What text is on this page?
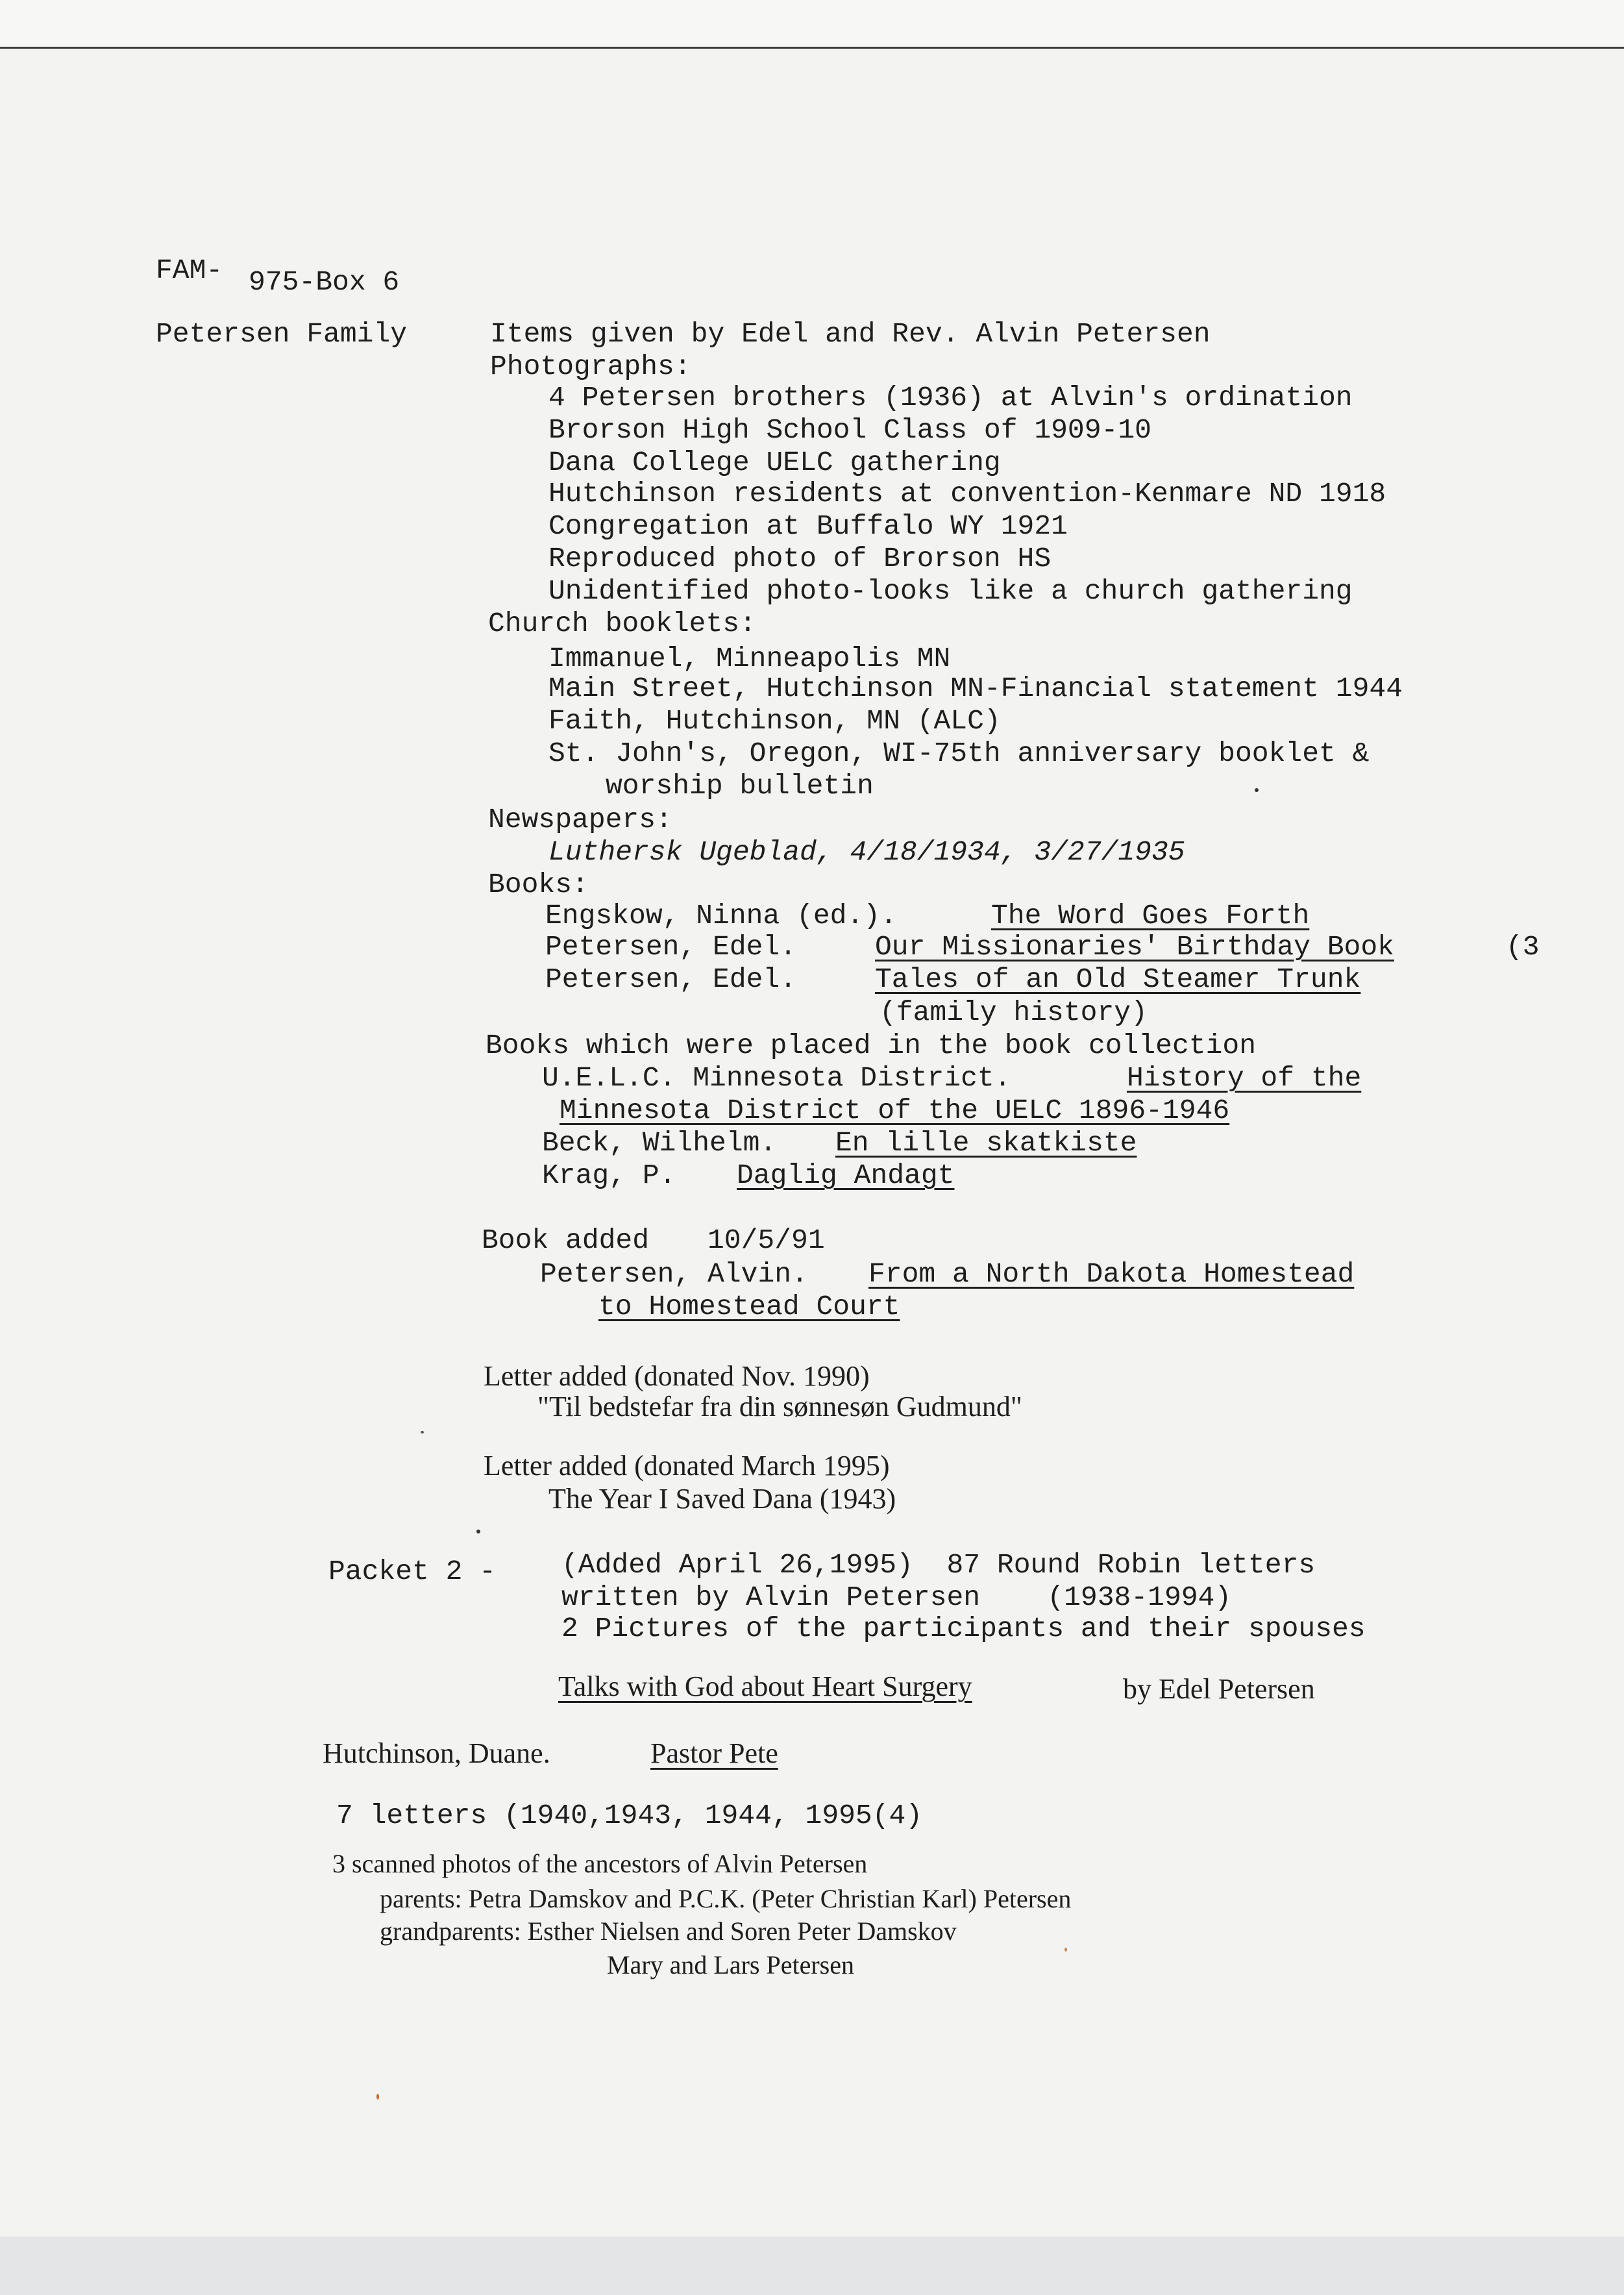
FAM- 975-Box 6
Petersen Family	Items given by Edel and Rev. Alvin Petersen
Photographs:
4 Petersen brothers (1936) at Alvin's ordination
Brorson High School Class of 1909-10
Dana College UELC gathering
Hutchinson residents at convention-Kenmare ND 1918
Congregation at Buffalo WY 1921
Reproduced photo of Brorson HS
Unidentified photo-looks like a church gathering
Church booklets:
Immanuel, Minneapolis MN
Main Street, Hutchinson MN-Financial statement 1944
Faith, Hutchinson, MN (ALC)
St. John's, Oregon, WI-75th anniversary booklet &
worship bulletin
Newspapers:
Luthersk Ugeblad, 4/18/1934, 3/27/1935
Books:
Engskow, Ninna (ed.).	The Word Goes Forth
Petersen, Edel.	Our Missionaries' Birthday Book	(3
Petersen, Edel.	Tales of an Old Steamer Trunk
(family history)
Books which were placed in the book collection
U.E.L.C. Minnesota District.	History of the
Minnesota District of the UELC 1896-1946
Beck, Wilhelm. En lille skatkiste
Krag, P. Daglig Andagt
Book added 10/5/91
Petersen, Alvin. From a North Dakota Homestead
to Homestead Court
Letter added (donated Nov. 1990)
"Til bedstefar fra din sønnesøn Gudmund"
Letter added (donated March 1995)
The Year I Saved Dana (1943)
Packet 2 - (Added April 26,1995)  87 Round Robin letters
written by Alvin Petersen    (1938-1994)
2 Pictures of the participants and their spouses
Talks with God about Heart Surgery	by Edel Petersen
Hutchinson, Duane.	Pastor Pete
7 letters (1940,1943, 1944, 1995(4)
3 scanned photos of the ancestors of Alvin Petersen
parents: Petra Damskov and P.C.K. (Peter Christian Karl) Petersen
grandparents: Esther Nielsen and Soren Peter Damskov
Mary and Lars Petersen
